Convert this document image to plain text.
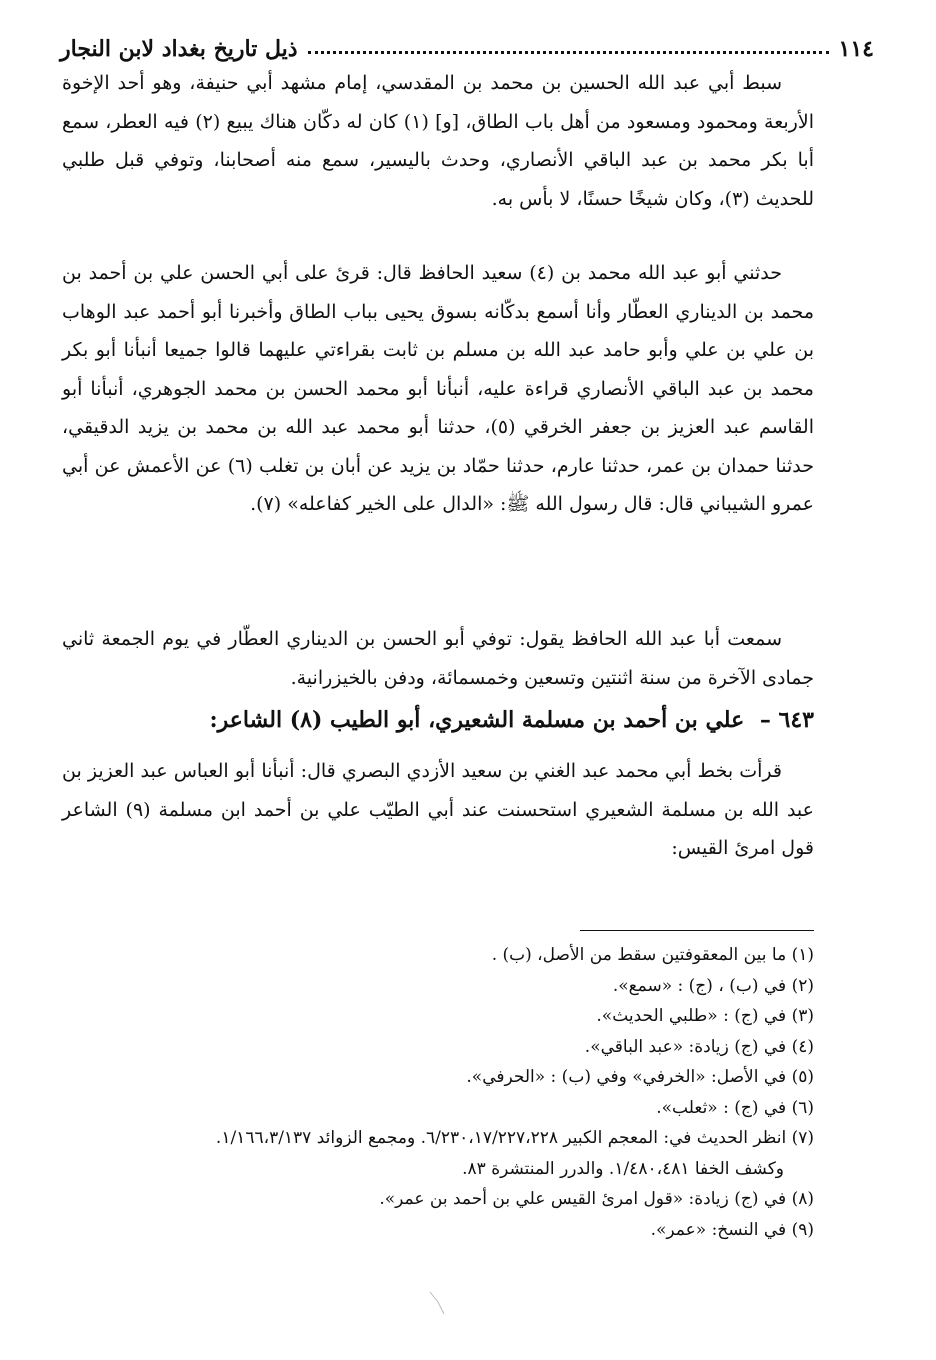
١١٤
ذيل تاريخ بغداد لابن النجار

سبط أبي عبد الله الحسين بن محمد بن المقدسي، إمام مشهد أبي حنيفة، وهو أحد الإخوة الأربعة ومحمود ومسعود من أهل باب الطاق، [و] (١) كان له دكّان هناك يبيع (٢) فيه العطر، سمع أبا بكر محمد بن عبد الباقي الأنصاري، وحدث باليسير، سمع منه أصحابنا، وتوفي قبل طلبي للحديث (٣)، وكان شيخًا حسنًا، لا بأس به.

حدثني أبو عبد الله محمد بن (٤) سعيد الحافظ قال: قرئ على أبي الحسن علي بن أحمد بن محمد بن الديناري العطّار وأنا أسمع بدكّانه بسوق يحيى بباب الطاق وأخبرنا أبو أحمد عبد الوهاب بن علي بن علي وأبو حامد عبد الله بن مسلم بن ثابت بقراءتي عليهما قالوا جميعا أنبأنا أبو بكر محمد بن عبد الباقي الأنصاري قراءة عليه، أنبأنا أبو محمد الحسن بن محمد الجوهري، أنبأنا أبو القاسم عبد العزيز بن جعفر الخرقي (٥)، حدثنا أبو محمد عبد الله بن محمد بن يزيد الدقيقي، حدثنا حمدان بن عمر، حدثنا عارم، حدثنا حمّاد بن يزيد عن أبان بن تغلب (٦) عن الأعمش عن أبي عمرو الشيباني قال: قال رسول الله ﷺ: «الدال على الخير كفاعله» (٧).

سمعت أبا عبد الله الحافظ يقول: توفي أبو الحسن بن الديناري العطّار في يوم الجمعة ثاني جمادى الآخرة من سنة اثنتين وتسعين وخمسمائة، ودفن بالخيزرانية.

٦٤٣ – علي بن أحمد بن مسلمة الشعيري، أبو الطيب (٨) الشاعر:

قرأت بخط أبي محمد عبد الغني بن سعيد الأزدي البصري قال: أنبأنا أبو العباس عبد العزيز بن عبد الله بن مسلمة الشعيري استحسنت عند أبي الطيّب علي بن أحمد ابن مسلمة (٩) الشاعر قول امرئ القيس:

(١) ما بين المعقوفتين سقط من الأصل، (ب) .

(٢) في (ب) ، (ج) : «سمع».

(٣) في (ج) : «طلبي الحديث».

(٤) في (ج) زيادة: «عبد الباقي».

(٥) في الأصل: «الخرفي» وفي (ب) : «الحرفي».

(٦) في (ج) : «ثعلب».

(٧) انظر الحديث في: المعجم الكبير ٦/٢٣٠،١٧/٢٢٧،٢٢٨. ومجمع الزوائد ١/١٦٦،٣/١٣٧.

وكشف الخفا ١/٤٨٠،٤٨١. والدرر المنتشرة ٨٣.

(٨) في (ج) زيادة: «قول امرئ القيس علي بن أحمد بن عمر».

(٩) في النسخ: «عمر».
